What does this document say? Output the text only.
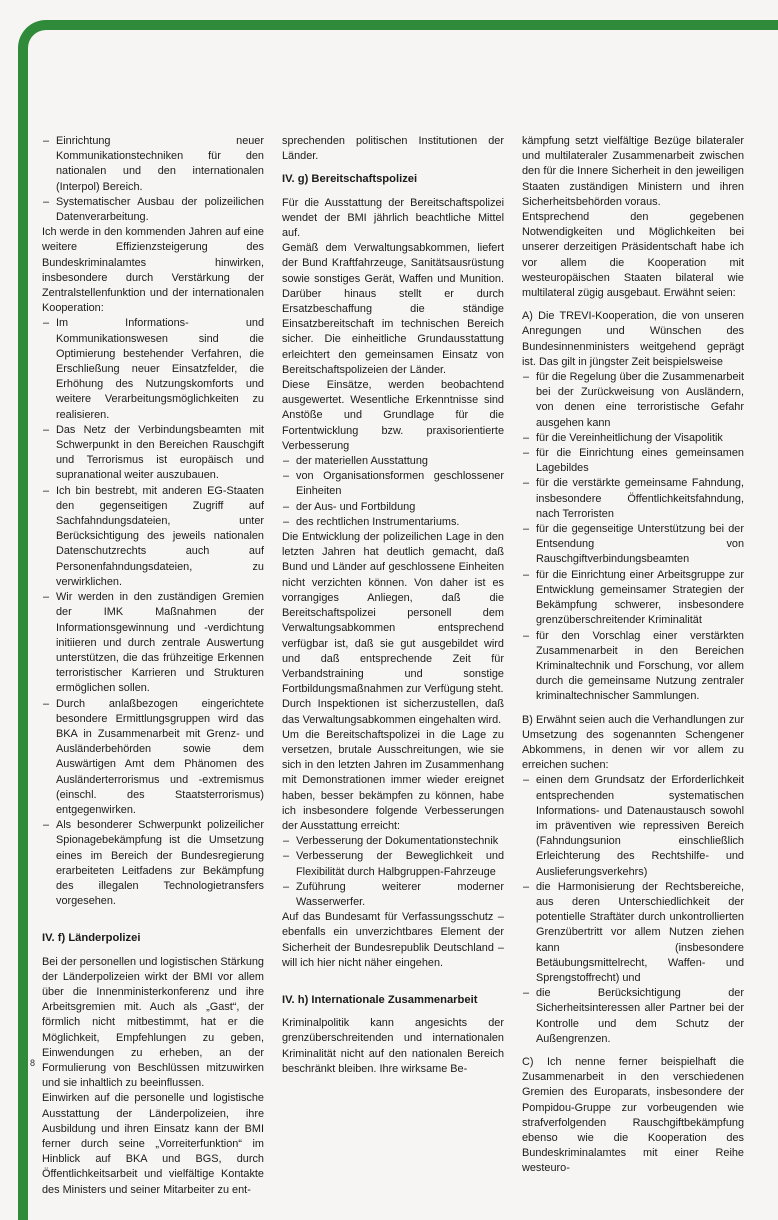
– Einrichtung neuer Kommunikationstechniken für den nationalen und den internationalen (Interpol) Bereich.
– Systematischer Ausbau der polizeilichen Datenverarbeitung.

Ich werde in den kommenden Jahren auf eine weitere Effizienzsteigerung des Bundeskriminalamtes hinwirken, insbesondere durch Verstärkung der Zentralstellenfunktion und der internationalen Kooperation:

– Im Informations- und Kommunikationswesen sind die Optimierung bestehender Verfahren, die Erschließung neuer Einsatzfelder, die Erhöhung des Nutzungskomforts und weitere Verarbeitungsmöglichkeiten zu realisieren.
– Das Netz der Verbindungsbeamten mit Schwerpunkt in den Bereichen Rauschgift und Terrorismus ist europäisch und supranational weiter auszubauen.
– Ich bin bestrebt, mit anderen EG-Staaten den gegenseitigen Zugriff auf Sachfahndungsdateien, unter Berücksichtigung des jeweils nationalen Datenschutzrechts auch auf Personenfahndungsdateien, zu verwirklichen.
– Wir werden in den zuständigen Gremien der IMK Maßnahmen der Informationsgewinnung und -verdichtung initiieren und durch zentrale Auswertung unterstützen, die das frühzeitige Erkennen terroristischer Karrieren und Strukturen ermöglichen sollen.
– Durch anlaßbezogen eingerichtete besondere Ermittlungsgruppen wird das BKA in Zusammenarbeit mit Grenz- und Ausländerbehörden sowie dem Auswärtigen Amt dem Phänomen des Ausländerterrorismus und -extremismus (einschl. des Staatsterrorismus) entgegenwirken.
– Als besonderer Schwerpunkt polizeilicher Spionagebekämpfung ist die Umsetzung eines im Bereich der Bundesregierung erarbeiteten Leitfadens zur Bekämpfung des illegalen Technologietransfers vorgesehen.
IV. f) Länderpolizei

Bei der personellen und logistischen Stärkung der Länderpolizeien wirkt der BMI vor allem über die Innenministerkonferenz und ihre Arbeitsgremien mit. Auch als „Gast“, der förmlich nicht mitbestimmt, hat er die Möglichkeit, Empfehlungen zu geben, Einwendungen zu erheben, an der Formulierung von Beschlüssen mitzuwirken und sie inhaltlich zu beeinflussen.

Einwirken auf die personelle und logistische Ausstattung der Länderpolizeien, ihre Ausbildung und ihren Einsatz kann der BMI ferner durch seine „Vorreiterfunktion“ im Hinblick auf BKA und BGS, durch Öffentlichkeitsarbeit und vielfältige Kontakte des Ministers und seiner Mitarbeiter zu ent-

sprechenden politischen Institutionen der Länder.

IV. g) Bereitschaftspolizei

Für die Ausstattung der Bereitschaftspolizei wendet der BMI jährlich beachtliche Mittel auf.

Gemäß dem Verwaltungsabkommen, liefert der Bund Kraftfahrzeuge, Sanitätsausrüstung sowie sonstiges Gerät, Waffen und Munition. Darüber hinaus stellt er durch Ersatzbeschaffung die ständige Einsatzbereitschaft im technischen Bereich sicher. Die einheitliche Grundausstattung erleichtert den gemeinsamen Einsatz von Bereitschaftspolizeien der Länder.

Diese Einsätze, werden beobachtend ausgewertet. Wesentliche Erkenntnisse sind Anstöße und Grundlage für die Fortentwicklung bzw. praxisorientierte Verbesserung

– der materiellen Ausstattung
– von Organisationsformen geschlossener Einheiten
– der Aus- und Fortbildung
– des rechtlichen Instrumentariums.

Die Entwicklung der polizeilichen Lage in den letzten Jahren hat deutlich gemacht, daß Bund und Länder auf geschlossene Einheiten nicht verzichten können. Von daher ist es vorrangiges Anliegen, daß die Bereitschaftspolizei personell dem Verwaltungsabkommen entsprechend verfügbar ist, daß sie gut ausgebildet wird und daß entsprechende Zeit für Verbandstraining und sonstige Fortbildungsmaßnahmen zur Verfügung steht.

Durch Inspektionen ist sicherzustellen, daß das Verwaltungsabkommen eingehalten wird.

Um die Bereitschaftspolizei in die Lage zu versetzen, brutale Ausschreitungen, wie sie sich in den letzten Jahren im Zusammenhang mit Demonstrationen immer wieder ereignet haben, besser bekämpfen zu können, habe ich insbesondere folgende Verbesserungen der Ausstattung erreicht:

– Verbesserung der Dokumentationstechnik
– Verbesserung der Beweglichkeit und Flexibilität durch Halbgruppen-Fahrzeuge
– Zuführung weiterer moderner Wasserwerfer.

Auf das Bundesamt für Verfassungsschutz – ebenfalls ein unverzichtbares Element der Sicherheit der Bundesrepublik Deutschland – will ich hier nicht näher eingehen.

IV. h) Internationale Zusammenarbeit

Kriminalpolitik kann angesichts der grenzüberschreitenden und internationalen Kriminalität nicht auf den nationalen Bereich beschränkt bleiben. Ihre wirksame Be-

kämpfung setzt vielfältige Bezüge bilateraler und multilateraler Zusammenarbeit zwischen den für die Innere Sicherheit in den jeweiligen Staaten zuständigen Ministern und ihren Sicherheitsbehörden voraus.

Entsprechend den gegebenen Notwendigkeiten und Möglichkeiten bei unserer derzeitigen Präsidentschaft habe ich vor allem die Kooperation mit westeuropäischen Staaten bilateral wie multilateral zügig ausgebaut. Erwähnt seien:

A) Die TREVI-Kooperation, die von unseren Anregungen und Wünschen des Bundesinnenministers weitgehend geprägt ist. Das gilt in jüngster Zeit beispielsweise

– für die Regelung über die Zusammenarbeit bei der Zurückweisung von Ausländern, von denen eine terroristische Gefahr ausgehen kann
– für die Vereinheitlichung der Visapolitik
– für die Einrichtung eines gemeinsamen Lagebildes
– für die verstärkte gemeinsame Fahndung, insbesondere Öffentlichkeitsfahndung, nach Terroristen
– für die gegenseitige Unterstützung bei der Entsendung von Rauschgiftverbindungsbeamten
– für die Einrichtung einer Arbeitsgruppe zur Entwicklung gemeinsamer Strategien der Bekämpfung schwerer, insbesondere grenzüberschreitender Kriminalität
– für den Vorschlag einer verstärkten Zusammenarbeit in den Bereichen Kriminaltechnik und Forschung, vor allem durch die gemeinsame Nutzung zentraler kriminaltechnischer Sammlungen.

B) Erwähnt seien auch die Verhandlungen zur Umsetzung des sogenannten Schengener Abkommens, in denen wir vor allem zu erreichen suchen:

– einen dem Grundsatz der Erforderlichkeit entsprechenden systematischen Informations- und Datenaustausch sowohl im präventiven wie repressiven Bereich (Fahndungsunion einschließlich Erleichterung des Rechtshilfe- und Auslieferungsverkehrs)
– die Harmonisierung der Rechtsbereiche, aus deren Unterschiedlichkeit der potentielle Straftäter durch unkontrollierten Grenzübertritt vor allem Nutzen ziehen kann (insbesondere Betäubungsmittelrecht, Waffen- und Sprengstoffrecht) und
– die Berücksichtigung der Sicherheitsinteressen aller Partner bei der Kontrolle und dem Schutz der Außengrenzen.

C) Ich nenne ferner beispielhaft die Zusammenarbeit in den verschiedenen Gremien des Europarats, insbesondere der Pompidou-Gruppe zur vorbeugenden wie strafverfolgenden Rauschgiftbekämpfung ebenso wie die Kooperation des Bundeskriminalamtes mit einer Reihe westeuro-

8
